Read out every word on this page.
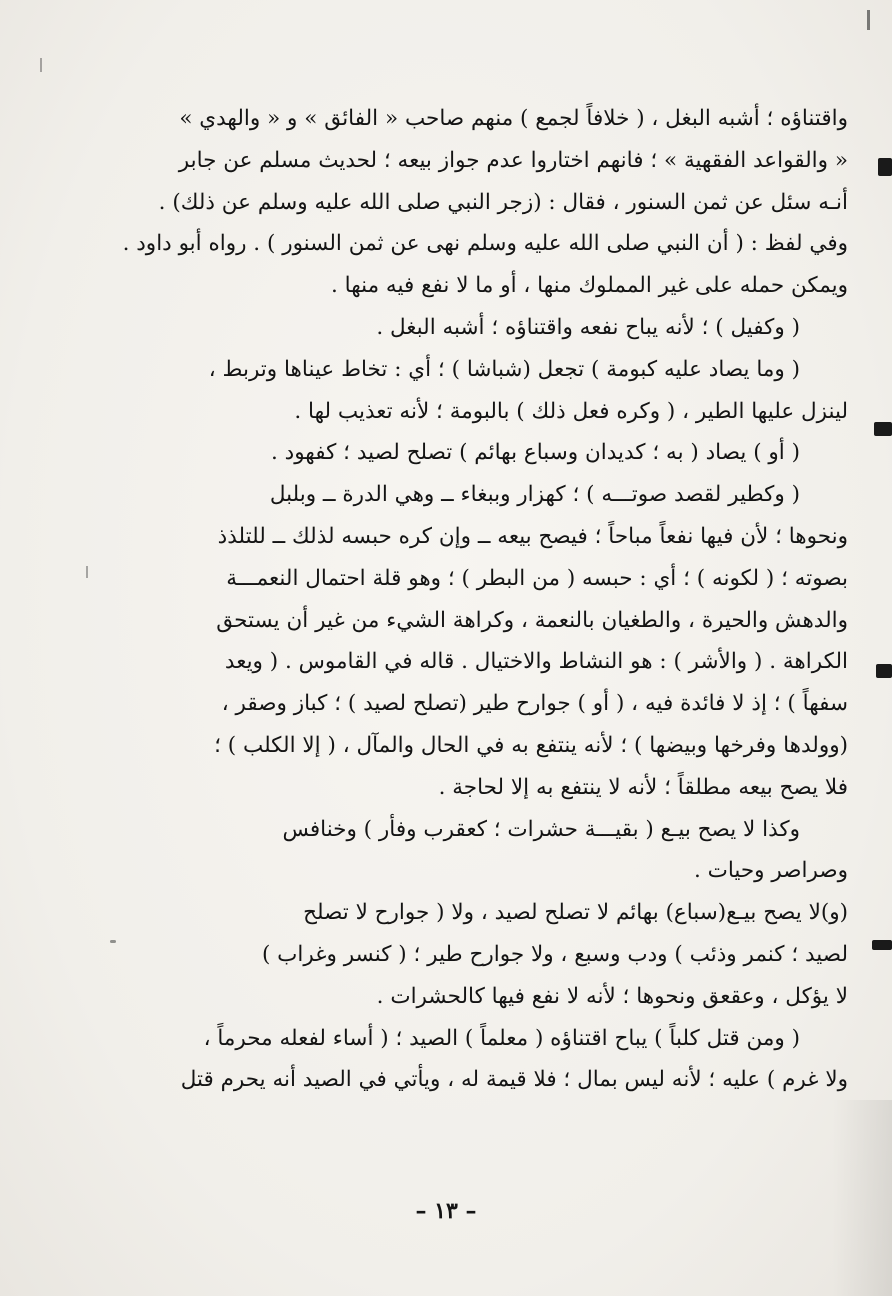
واقتناؤه ؛ أشبه البغل ، ( خلافاً لجمع ) منهم صاحب « الفائق » و « والهدي »
« والقواعد الفقهية » ؛ فانهم اختاروا عدم جواز بيعه ؛ لحديث مسلم عن جابر
أنـه سئل عن ثمن السنور ، فقال : (زجر النبي صلى الله عليه وسلم عن ذلك) .
وفي لفظ : ( أن النبي صلى الله عليه وسلم نهى عن ثمن السنور ) . رواه أبو داود .
ويمكن حمله على غير المملوك منها ، أو ما لا نفع فيه منها .
( وكفيل ) ؛ لأنه يباح نفعه واقتناؤه ؛ أشبه البغل .
( وما يصاد عليه كبومة ) تجعل (شباشا ) ؛ أي : تخاط عيناها وتربط ،
لينزل عليها الطير ، ( وكره فعل ذلك ) بالبومة ؛ لأنه تعذيب لها .
( أو ) يصاد ( به ؛ كديدان وسباع بهائم ) تصلح لصيد ؛ كفهود .
( وكطير لقصد صوتـــه ) ؛ كهزار وببغاء ــ وهي الدرة ــ وبلبل
ونحوها ؛ لأن فيها نفعاً مباحاً ؛ فيصح بيعه ــ وإن كره حبسه لذلك ــ للتلذذ
بصوته ؛ ( لكونه ) ؛ أي : حبسه ( من البطر ) ؛ وهو قلة احتمال النعمـــة
والدهش والحيرة ، والطغيان بالنعمة ، وكراهة الشيء من غير أن يستحق
الكراهة . ( والأشر ) : هو النشاط والاختيال . قاله في القاموس . ( ويعد
سفهاً ) ؛ إذ لا فائدة فيه ، ( أو ) جوارح طير (تصلح لصيد ) ؛ كباز وصقر ،
(وولدها وفرخها وبيضها ) ؛ لأنه ينتفع به في الحال والمآل ، ( إلا الكلب ) ؛
فلا يصح بيعه مطلقاً ؛ لأنه لا ينتفع به إلا لحاجة .
وكذا لا يصح بيـع ( بقيـــة حشرات ؛ كعقرب وفأر ) وخنافس
وصراصر وحيات .
(و)لا يصح بيـع(سباع) بهائم لا تصلح لصيد ، ولا ( جوارح لا تصلح
لصيد ؛ كنمر وذئب ) ودب وسبع ، ولا جوارح طير ؛ ( كنسر وغراب )
لا يؤكل ، وعقعق ونحوها ؛ لأنه لا نفع فيها كالحشرات .
( ومن قتل كلباً ) يباح اقتناؤه ( معلماً ) الصيد ؛ ( أساء لفعله محرماً ،
ولا غرم ) عليه ؛ لأنه ليس بمال ؛ فلا قيمة له ، ويأتي في الصيد أنه يحرم قتل
– ١٣ –
